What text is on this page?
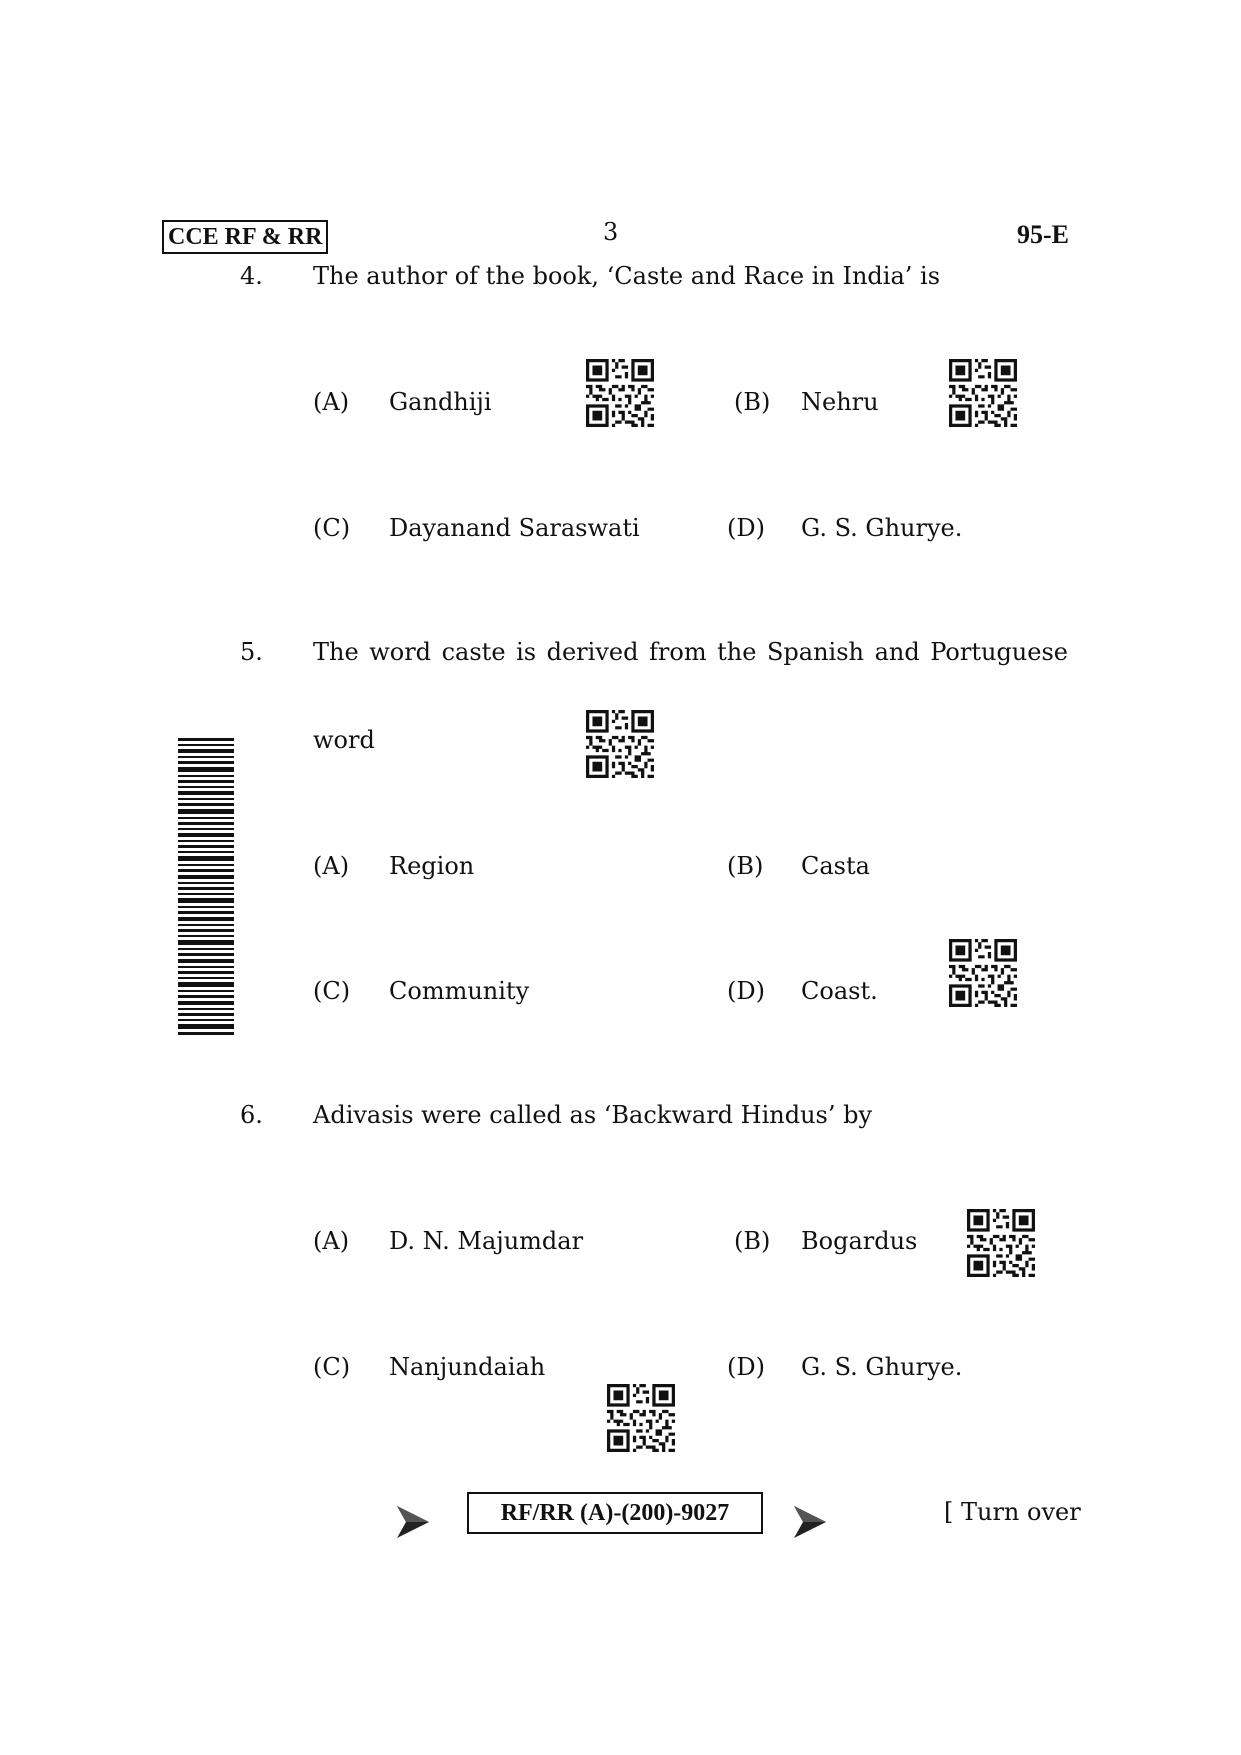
CCE RF & RR	3	95-E
4. The author of the book, ‘Caste and Race in India’ is
(A) Gandhiji	(B) Nehru
(C) Dayanand Saraswati	(D) G. S. Ghurye.
5. The word caste is derived from the Spanish and Portuguese
word
(A) Region	(B) Casta
(C) Community	(D) Coast.
6. Adivasis were called as ‘Backward Hindus’ by
(A) D. N. Majumdar	(B) Bogardus
(C) Nanjundaiah	(D) G. S. Ghurye.
RF/RR (A)-(200)-9027	[ Turn over
